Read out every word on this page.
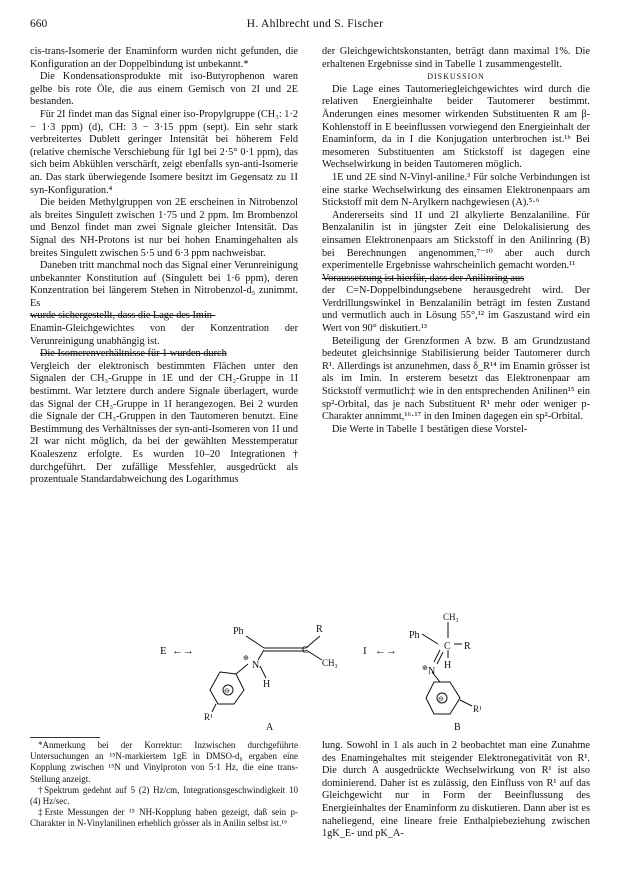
660	H. Ahlbrecht und S. Fischer

cis-trans-Isomerie der Enaminform wurden nicht gefunden, die Konfiguration an der Doppelbindung ist unbekannt.*

Die Kondensationsprodukte mit iso-Butyrophenon waren gelbe bis rote Öle, die aus einem Gemisch von 2I und 2E bestanden.

Für 2I findet man das Signal einer iso-Propylgruppe (CH₃: 1·2 − 1·3 ppm) (d), CH: 3 − 3·15 ppm (sept). Ein sehr stark verbreitertes Dublett geringer Intensität bei höherem Feld (relative chemische Verschiebung für 1gI bei 2·5° 0·1 ppm), das sich beim Abkühlen verschärft, zeigt ebenfalls syn-anti-Isomerie an. Das stark überwiegende Isomere besitzt im Gegensatz zu 1I syn-Konfiguration.⁴

Die beiden Methylgruppen von 2E erscheinen in Nitrobenzol als breites Singulett zwischen 1·75 und 2 ppm. Im Brombenzol und Benzol findet man zwei Signale gleicher Intensität. Das Signal des NH-Protons ist nur bei hohen Enamingehalten als breites Singulett zwischen 5·5 und 6·3 ppm nachweisbar.

Daneben tritt manchmal noch das Signal einer Verunreinigung unbekannter Konstitution auf (Singulett bei 1·6 ppm), deren Konzentration bei längerem Stehen in Nitrobenzol-d₅ zunimmt. Es

wurde sichergestellt, dass die Lage des Imin-

Enamin-Gleichgewichtes von der Konzentration der Verunreinigung unabhängig ist.

Die Isomerenverhältnisse für 1 wurden durch

Vergleich der elektronisch bestimmten Flächen unter den Signalen der CH₃-Gruppe in 1E und der CH₂-Gruppe in 1I bestimmt. War letztere durch andere Signale überlagert, wurde das Signal der CH₃-Gruppe in 1I herangezogen. Bei 2 wurden die Signale der CH₃-Gruppen in den Tautomeren benutzt. Eine Bestimmung des Verhältnisses der syn-anti-Isomeren von 1I und 2I war nicht möglich, da bei der gewählten Messtemperatur Koaleszenz erfolgte. Es wurden 10–20 Integrationen† durchgeführt. Der zufällige Messfehler, ausgedrückt als prozentuale Standardabweichung des Logarithmus

der Gleichgewichtskonstanten, beträgt dann maximal 1%. Die erhaltenen Ergebnisse sind in Tabelle 1 zusammengestellt.

DISKUSSION

Die Lage eines Tautomeriegleichgewichtes wird durch die relativen Energieinhalte beider Tautomerer bestimmt. Änderungen eines mesomer wirkenden Substituenten R am β-Kohlenstoff in E beeinflussen vorwiegend den Energieinhalt der Enaminform, da in I die Konjugation unterbrochen ist.¹ᵇ Bei mesomeren Substituenten am Stickstoff ist dagegen eine Wechselwirkung in beiden Tautomeren möglich.

1E und 2E sind N-Vinyl-aniline.³ Für solche Verbindungen ist eine starke Wechselwirkung des einsamen Elektronenpaars am Stickstoff mit dem N-Arylkern nachgewiesen (A).⁵·⁶

Andererseits sind 1I und 2I alkylierte Benzalaniline. Für Benzalanilin ist in jüngster Zeit eine Delokalisierung des einsamen Elektronenpaars am Stickstoff in den Anilinring (B) bei Berechnungen angenommen,⁷⁻¹⁰ aber auch durch experimentelle Ergebnisse wahrscheinlich gemacht worden.¹¹

Voraussetzung ist hierfür, dass der Anilinring aus

der C=N-Doppelbindungsebene herausgedreht wird. Der Verdrillungswinkel in Benzalanilin beträgt im festen Zustand und vermutlich auch in Lösung 55°,¹² im Gaszustand wird ein Wert von 90° diskutiert.¹³

Beteiligung der Grenzformen A bzw. B am Grundzustand bedeutet gleichsinnige Stabilisierung beider Tautomerer durch R¹. Allerdings ist anzunehmen, dass δ_R¹⁴ im Enamin grösser ist als im Imin. In ersterem besetzt das Elektronenpaar am Stickstoff vermutlich‡ wie in den entsprechenden Anilinen¹⁵ ein sp²-Orbital, das je nach Substituent R¹ mehr oder weniger p-Charakter annimmt,¹⁶·¹⁷ in den Iminen dagegen ein sp²-Orbital.

Die Werte in Tabelle 1 bestätigen diese Vorstel-

E ←→
Ph	R
C
CH₃
N
⊕
⊖
H
R¹
A
I ←→
CH₃
Ph
C R
H
N
⊕
⊖
R¹
B

*Anmerkung bei der Korrektur: Inzwischen durchgeführte Untersuchungen an ¹⁵N-markiertem 1gE in DMSO-d₆ ergaben eine Kopplung zwischen ¹⁵N und Vinylproton von 5·1 Hz, die eine trans-Stellung anzeigt.

†Spektrum gedehnt auf 5 (2) Hz/cm, Integrationsgeschwindigkeit 10 (4) Hz/sec.

‡Erste Messungen der ¹⁵ NH-Kopplung haben gezeigt, daß sein p-Charakter in N-Vinylanilinen erheblich grösser als in Anilin selbst ist.¹⁶

lung. Sowohl in 1 als auch in 2 beobachtet man eine Zunahme des Enamingehaltes mit steigender Elektronegativität von R¹. Die durch A ausgedrückte Wechselwirkung von R¹ ist also dominierend. Daher ist es zulässig, den Einfluss von R¹ auf das Gleichgewicht nur in Form der Beeinflussung des Energieinhaltes der Enaminform zu diskutieren. Dann aber ist es naheliegend, eine lineare freie Enthalpiebeziehung zwischen 1gK_E- und pK_A-
